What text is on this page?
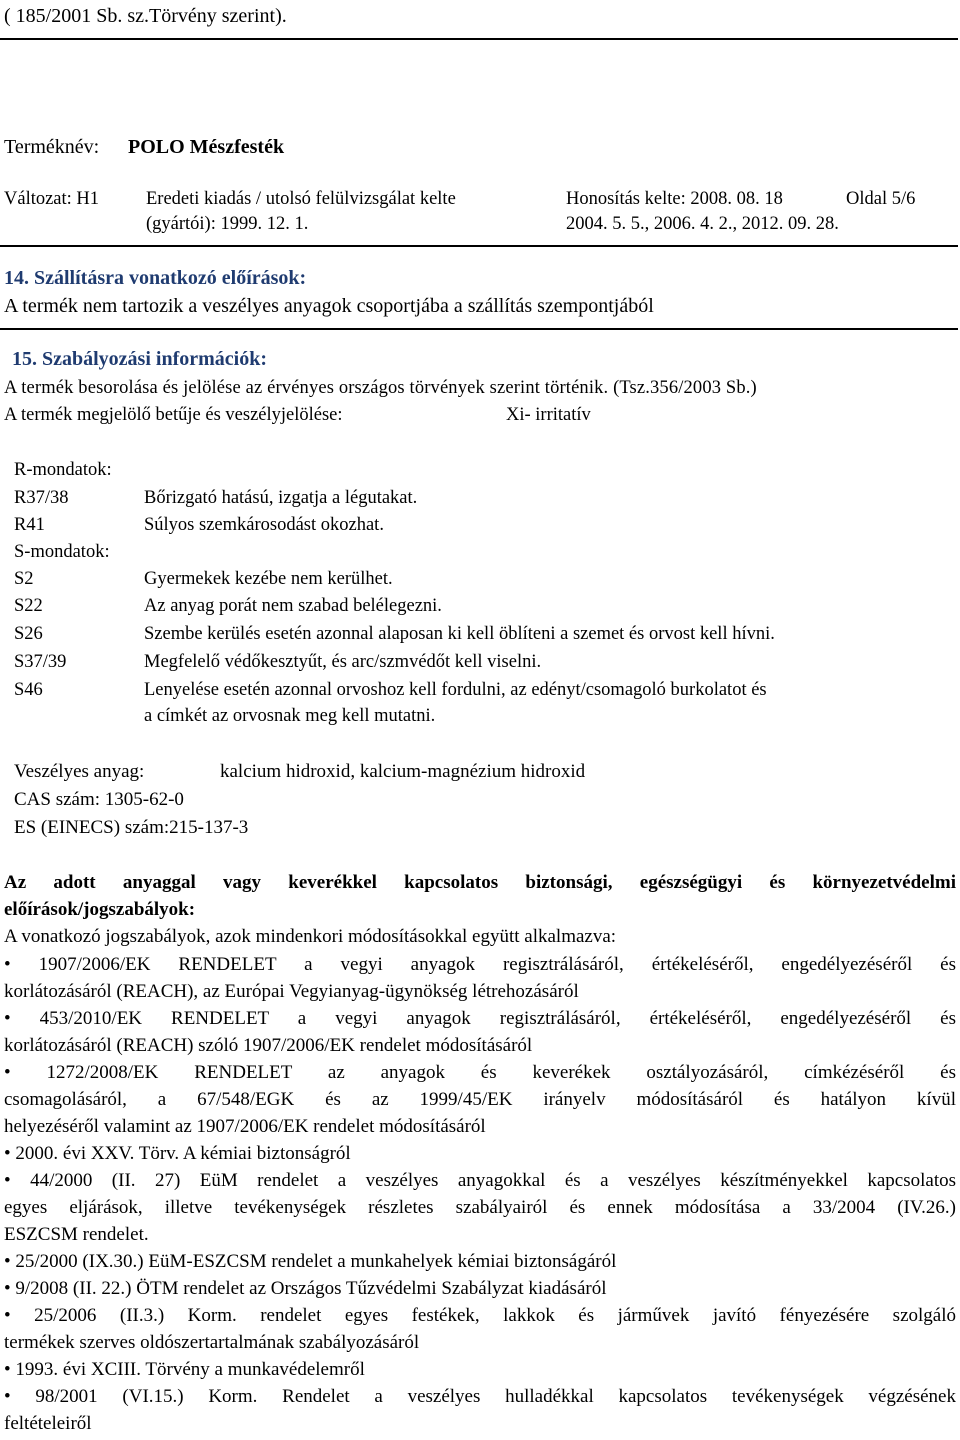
( 185/2001 Sb. sz.Törvény szerint).
Terméknév: POLO Mészfesték
Változat: H1	Eredeti kiadás / utolsó felülvizsgálat kelte
(gyártói): 1999. 12. 1.
Honosítás kelte: 2008. 08. 18
2004. 5. 5., 2006. 4. 2., 2012. 09. 28.
Oldal 5/6
14. Szállításra vonatkozó előírások:
A termék nem tartozik a veszélyes anyagok csoportjába a szállítás szempontjából
15. Szabályozási információk:
A termék besorolása és jelölése az érvényes országos törvények szerint történik. (Tsz.356/2003 Sb.)
A termék megjelölő betűje és veszélyjelölése:	Xi- irritatív
R-mondatok:
R37/38	Bőrizgató hatású, izgatja a légutakat.
R41	Súlyos szemkárosodást okozhat.
S-mondatok:
S2	Gyermekek kezébe nem kerülhet.
S22	Az anyag porát nem szabad belélegezni.
S26	Szembe kerülés esetén azonnal alaposan ki kell öblíteni a szemet és orvost kell hívni.
S37/39	Megfelelő védőkesztyűt, és arc/szmvédőt kell viselni.
S46	Lenyelése esetén azonnal orvoshoz kell fordulni, az edényt/csomagoló burkolatot és
a címkét az orvosnak meg kell mutatni.
Veszélyes anyag:	kalcium hidroxid, kalcium-magnézium hidroxid
CAS szám: 1305-62-0
ES (EINECS) szám:215-137-3
Az adott anyaggal vagy keverékkel kapcsolatos biztonsági, egészségügyi és környezetvédelmi
előírások/jogszabályok:
A vonatkozó jogszabályok, azok mindenkori módosításokkal együtt alkalmazva:
• 1907/2006/EK RENDELET a vegyi anyagok regisztrálásáról, értékeléséről, engedélyezéséről és
korlátozásáról (REACH), az Európai Vegyianyag-ügynökség létrehozásáról
• 453/2010/EK RENDELET a vegyi anyagok regisztrálásáról, értékeléséről, engedélyezéséről és
korlátozásáról (REACH) szóló 1907/2006/EK rendelet módosításáról
• 1272/2008/EK RENDELET az anyagok és keverékek osztályozásáról, címkézéséről és
csomagolásáról, a 67/548/EGK és az 1999/45/EK irányelv módosításáról és hatályon kívül
helyezéséről valamint az 1907/2006/EK rendelet módosításáról
• 2000. évi XXV. Törv. A kémiai biztonságról
• 44/2000 (II. 27) EüM rendelet a veszélyes anyagokkal és a veszélyes készítményekkel kapcsolatos
egyes eljárások, illetve tevékenységek részletes szabályairól és ennek módosítása a 33/2004 (IV.26.)
ESZCSM rendelet.
• 25/2000 (IX.30.) EüM-ESZCSM rendelet a munkahelyek kémiai biztonságáról
• 9/2008 (II. 22.) ÖTM rendelet az Országos Tűzvédelmi Szabályzat kiadásáról
• 25/2006 (II.3.) Korm. rendelet egyes festékek, lakkok és járművek javító fényezésére szolgáló
termékek szerves oldószertartalmának szabályozásáról
• 1993. évi XCIII. Törvény a munkavédelemről
• 98/2001 (VI.15.) Korm. Rendelet a veszélyes hulladékkal kapcsolatos tevékenységek végzésének
feltételeiről
